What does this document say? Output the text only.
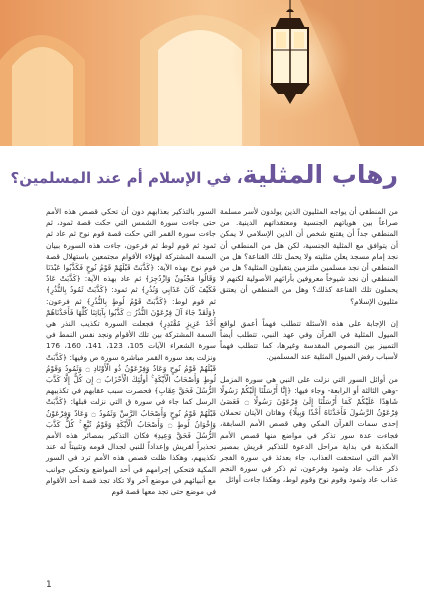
رهاب المثلية، في الإسلام أم عند المسلمين؟

من المنطقي أن يواجه المثليون الذين يولدون لأسر مسلمة صراعاً بين هوياتهم الجنسية ومعتقداتهم الدينية. من المنطقي جداً أن يقتنع شخص أن الدين الإسلامي لا يمكن أن يتوافق مع المثلية الجنسية، لكن هل من المنطقي أن نجد إمام مسجد يعلن مثليته ولا يحمل تلك القناعة؟ هل من المنطقي أن نجد مسلمين ملتزمين يتقبلون المثلية؟ هل من المنطقي أن نجد شيوخاً معروفين بأرائهم الأصولية لكنهم لا يحملون تلك القناعة كذلك؟ وهل من المنطقي أن يعتنق مثليون الإسلام؟

إن الإجابة على هذه الأسئلة تتطلب فهماً أعمق لواقع الميول المثلية في القرآن وفي عهد النبي، تتطلب أيضاً التمييز بين النصوص المقدسة وغيرها، كما تتطلب فهماً لأسباب رفض الميول المثلية عند المسلمين.

من أوائل السور التي نزلت على النبي هي سورة المزمل -وهي الثالثة أو الرابعة- وجاء فيها: ﴿إِنَّا أَرْسَلْنَا إِلَيْكُمْ رَسُولًا شَاهِدًا عَلَيْكُمْ كَمَا أَرْسَلْنَا إِلَىٰ فِرْعَوْنَ رَسُولًا ۝ فَعَصَىٰ فِرْعَوْنُ الرَّسُولَ فَأَخَذْنَاهُ أَخْذًا وَبِيلًا﴾ وهاتان الآيتان تحملان إحدى سمات القرآن المكي وهي قصص الأمم السابقة، فجاءت عدة سور تذكر في مواضع منها قصص الأمم المكذبة في بداية مراحل الدعوة للتذكير قريش بمصير الأمم التي استحقت العذاب، جاء بعدئذ في سورة الفجر ذكر عذاب عاد وثمود وفرعون، ثم ذكر في سورة النجم عذاب عاد وثمود وقوم نوح وقوم لوط، وهكذا جاءت أوائل

السور بالتذكير بعذابهم دون أن تحكي قصص هذه الأمم حتى جاءت سورة الشمس التي حكت قصة ثمود، ثم جاءت سورة القمر التي حكت قصة قوم نوح ثم عاد ثم ثمود ثم قوم لوط ثم فرعون، جاءت هذه السورة ببيان السمة المشتركة لهؤلاء الأقوام مجتمعين باستهلال قصة قوم نوح بهذه الآية: ﴿كَذَّبَتْ قَبْلَهُمْ قَوْمُ نُوحٍ فَكَذَّبُوا عَبْدَنَا وَقَالُوا مَجْنُونٌ وَازْدُجِرَ﴾ ثم عاد بهذه الآية: ﴿كَذَّبَتْ عَادٌ فَكَيْفَ كَانَ عَذَابِي وَنُذُرِ﴾ ثم ثمود: ﴿كَذَّبَتْ ثَمُودُ بِالنُّذُرِ﴾ ثم قوم لوط: ﴿كَذَّبَتْ قَوْمُ لُوطٍ بِالنُّذُرِ﴾ ثم فرعون: ﴿وَلَقَدْ جَاءَ آلَ فِرْعَوْنَ النُّذُرُ ۝ كَذَّبُوا بِآيَاتِنَا كُلِّهَا فَأَخَذْنَاهُمْ أَخْذَ عَزِيزٍ مُقْتَدِرٍ﴾ فجعلت السورة تكذيب النذر هي السمة المشتركة بين تلك الأقوام ونجد نفس النمط في سورة الشعراء الآيات 105، 123، 141، 160، 176 ونزلت بعد سورة القمر مباشرة سورة ص وفيها: ﴿كَذَّبَتْ قَبْلَهُمْ قَوْمُ نُوحٍ وَعَادٌ وَفِرْعَوْنُ ذُو الْأَوْتَادِ ۝ وَثَمُودُ وَقَوْمُ لُوطٍ وَأَصْحَابُ الْأَيْكَةِ ۚ أُولَٰئِكَ الْأَحْزَابُ ۝ إِن كُلٌّ إِلَّا كَذَّبَ الرُّسُلَ فَحَقَّ عِقَابِ﴾ فحصرت سبب عقابهم في تكذيبهم الرسل كما جاء في سورة ق التي نزلت قبلها: ﴿كَذَّبَتْ قَبْلَهُمْ قَوْمُ نُوحٍ وَأَصْحَابُ الرَّسِّ وَثَمُودُ ۝ وَعَادٌ وَفِرْعَوْنُ وَإِخْوَانُ لُوطٍ ۝ وَأَصْحَابُ الْأَيْكَةِ وَقَوْمُ تُبَّعٍ ۚ كُلٌّ كَذَّبَ الرُّسُلَ فَحَقَّ وَعِيدِ﴾ فكان التذكير بمصائر هذه الأمم تحذيراً لقريش وإعداداً للنبي لجدال قومه وتثبيتاً له عند تكذيبهم، وهكذا ظلت قصص هذه الأمم ترد في السور المكية فتحكي إجرامهم في أحد المواضع وتحكي جوانب مع أنبيائهم في موضع آخر ولا تكاد تجد قصة أحد الأقوام في موضع حتى تجد معها قصة قوم

1
